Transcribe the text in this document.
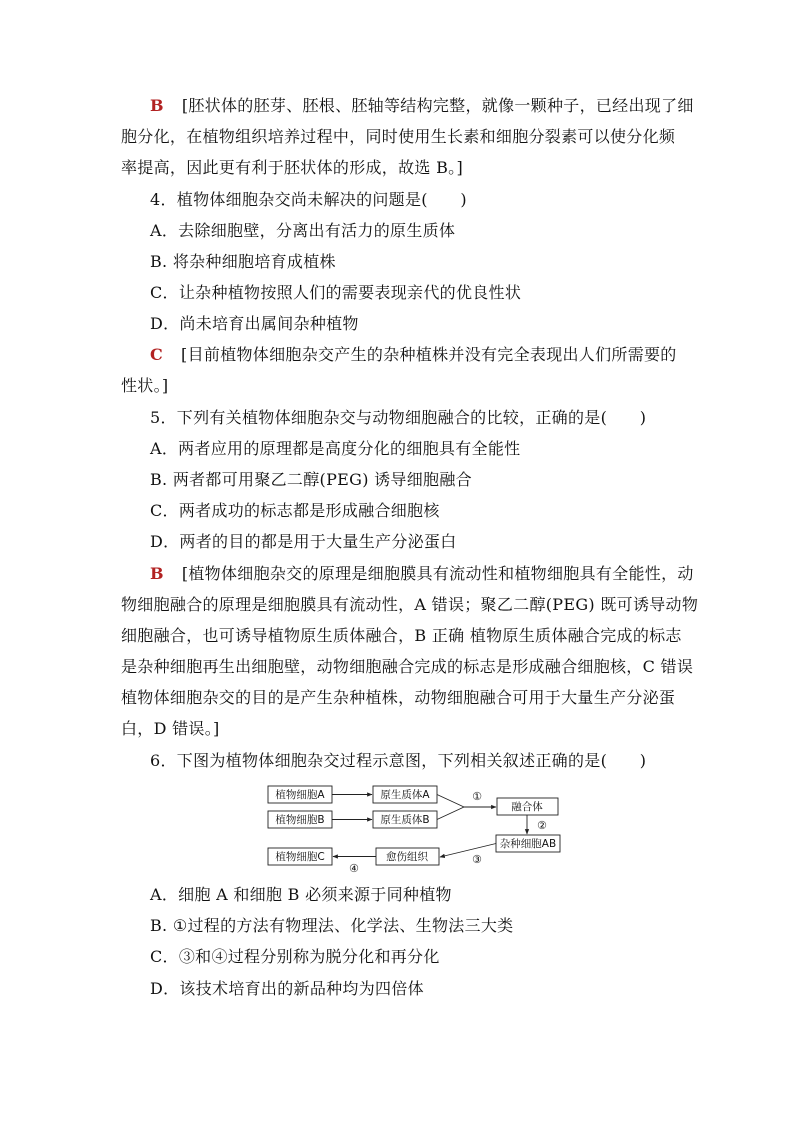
B [胚状体的胚芽、胚根、胚轴等结构完整，就像一颗种子，已经出现了细
胞分化，在植物组织培养过程中，同时使用生长素和细胞分裂素可以使分化频
率提高，因此更有利于胚状体的形成，故选 B。]
4．植物体细胞杂交尚未解决的问题是(　　)
A．去除细胞壁，分离出有活力的原生质体
B. 将杂种细胞培育成植株
C．让杂种植物按照人们的需要表现亲代的优良性状
D．尚未培育出属间杂种植物
C [目前植物体细胞杂交产生的杂种植株并没有完全表现出人们所需要的
性状。]
5．下列有关植物体细胞杂交与动物细胞融合的比较，正确的是(　　)
A．两者应用的原理都是高度分化的细胞具有全能性
B. 两者都可用聚乙二醇(PEG) 诱导细胞融合
C．两者成功的标志都是形成融合细胞核
D．两者的目的都是用于大量生产分泌蛋白
B [植物体细胞杂交的原理是细胞膜具有流动性和植物细胞具有全能性，动
物细胞融合的原理是细胞膜具有流动性，A 错误；聚乙二醇(PEG) 既可诱导动物
细胞融合，也可诱导植物原生质体融合，B 正确 植物原生质体融合完成的标志
是杂种细胞再生出细胞壁，动物细胞融合完成的标志是形成融合细胞核，C 错误
植物体细胞杂交的目的是产生杂种植株，动物细胞融合可用于大量生产分泌蛋
白，D 错误。]
6．下图为植物体细胞杂交过程示意图，下列相关叙述正确的是(　　)
植物细胞A	原生质体A
植物细胞B	原生质体B
①
融合体
②
杂种细胞AB
③
愈伤组织
④
植物细胞C
A．细胞 A 和细胞 B 必须来源于同种植物
B. ①过程的方法有物理法、化学法、生物法三大类
C．③和④过程分别称为脱分化和再分化
D．该技术培育出的新品种均为四倍体
